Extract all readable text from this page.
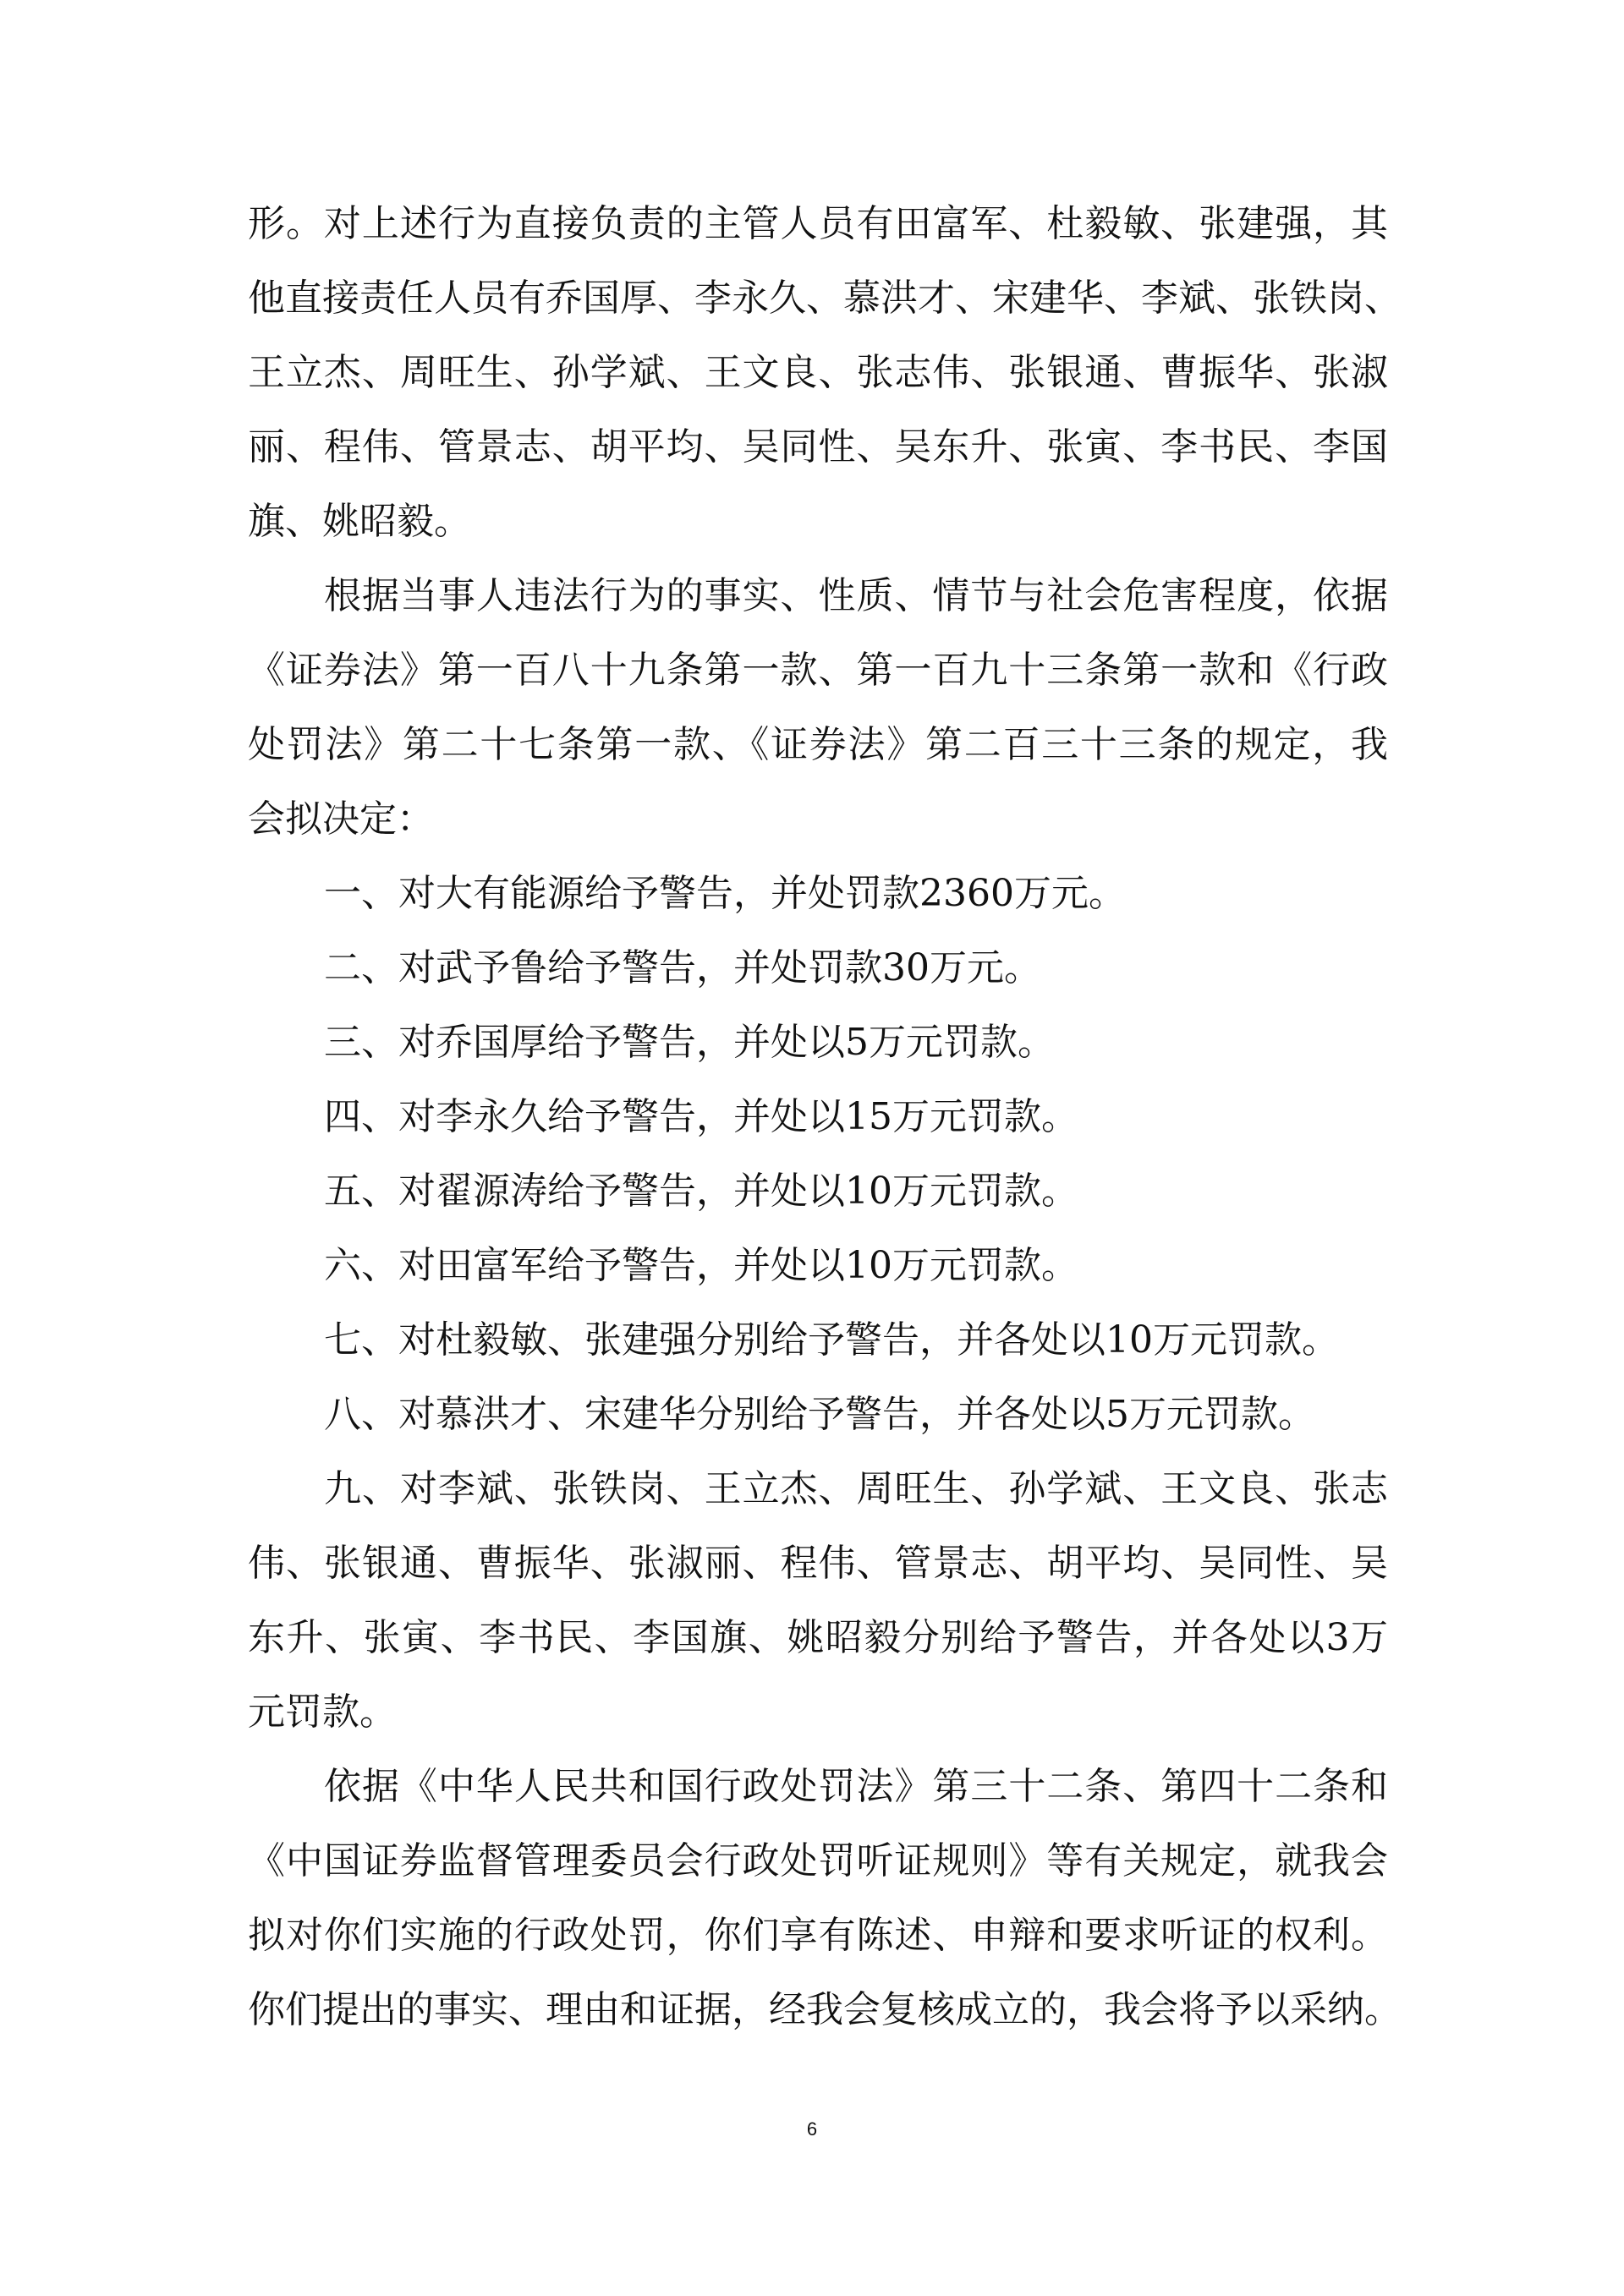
形。对上述行为直接负责的主管人员有田富军、杜毅敏、张建强，其
他直接责任人员有乔国厚、李永久、慕洪才、宋建华、李斌、张铁岗、
王立杰、周旺生、孙学斌、王文良、张志伟、张银通、曹振华、张淑
丽、程伟、管景志、胡平均、吴同性、吴东升、张寅、李书民、李国
旗、姚昭毅。
根据当事人违法行为的事实、性质、情节与社会危害程度，依据
《证券法》第一百八十九条第一款、第一百九十三条第一款和《行政
处罚法》第二十七条第一款、《证券法》第二百三十三条的规定，我
会拟决定：
一、对大有能源给予警告，并处罚款2360万元。
二、对武予鲁给予警告，并处罚款30万元。
三、对乔国厚给予警告，并处以5万元罚款。
四、对李永久给予警告，并处以15万元罚款。
五、对翟源涛给予警告，并处以10万元罚款。
六、对田富军给予警告，并处以10万元罚款。
七、对杜毅敏、张建强分别给予警告，并各处以10万元罚款。
八、对慕洪才、宋建华分别给予警告，并各处以5万元罚款。
九、对李斌、张铁岗、王立杰、周旺生、孙学斌、王文良、张志
伟、张银通、曹振华、张淑丽、程伟、管景志、胡平均、吴同性、吴
东升、张寅、李书民、李国旗、姚昭毅分别给予警告，并各处以3万
元罚款。
依据《中华人民共和国行政处罚法》第三十二条、第四十二条和
《中国证券监督管理委员会行政处罚听证规则》等有关规定，就我会
拟对你们实施的行政处罚，你们享有陈述、申辩和要求听证的权利。
你们提出的事实、理由和证据，经我会复核成立的，我会将予以采纳。
6
